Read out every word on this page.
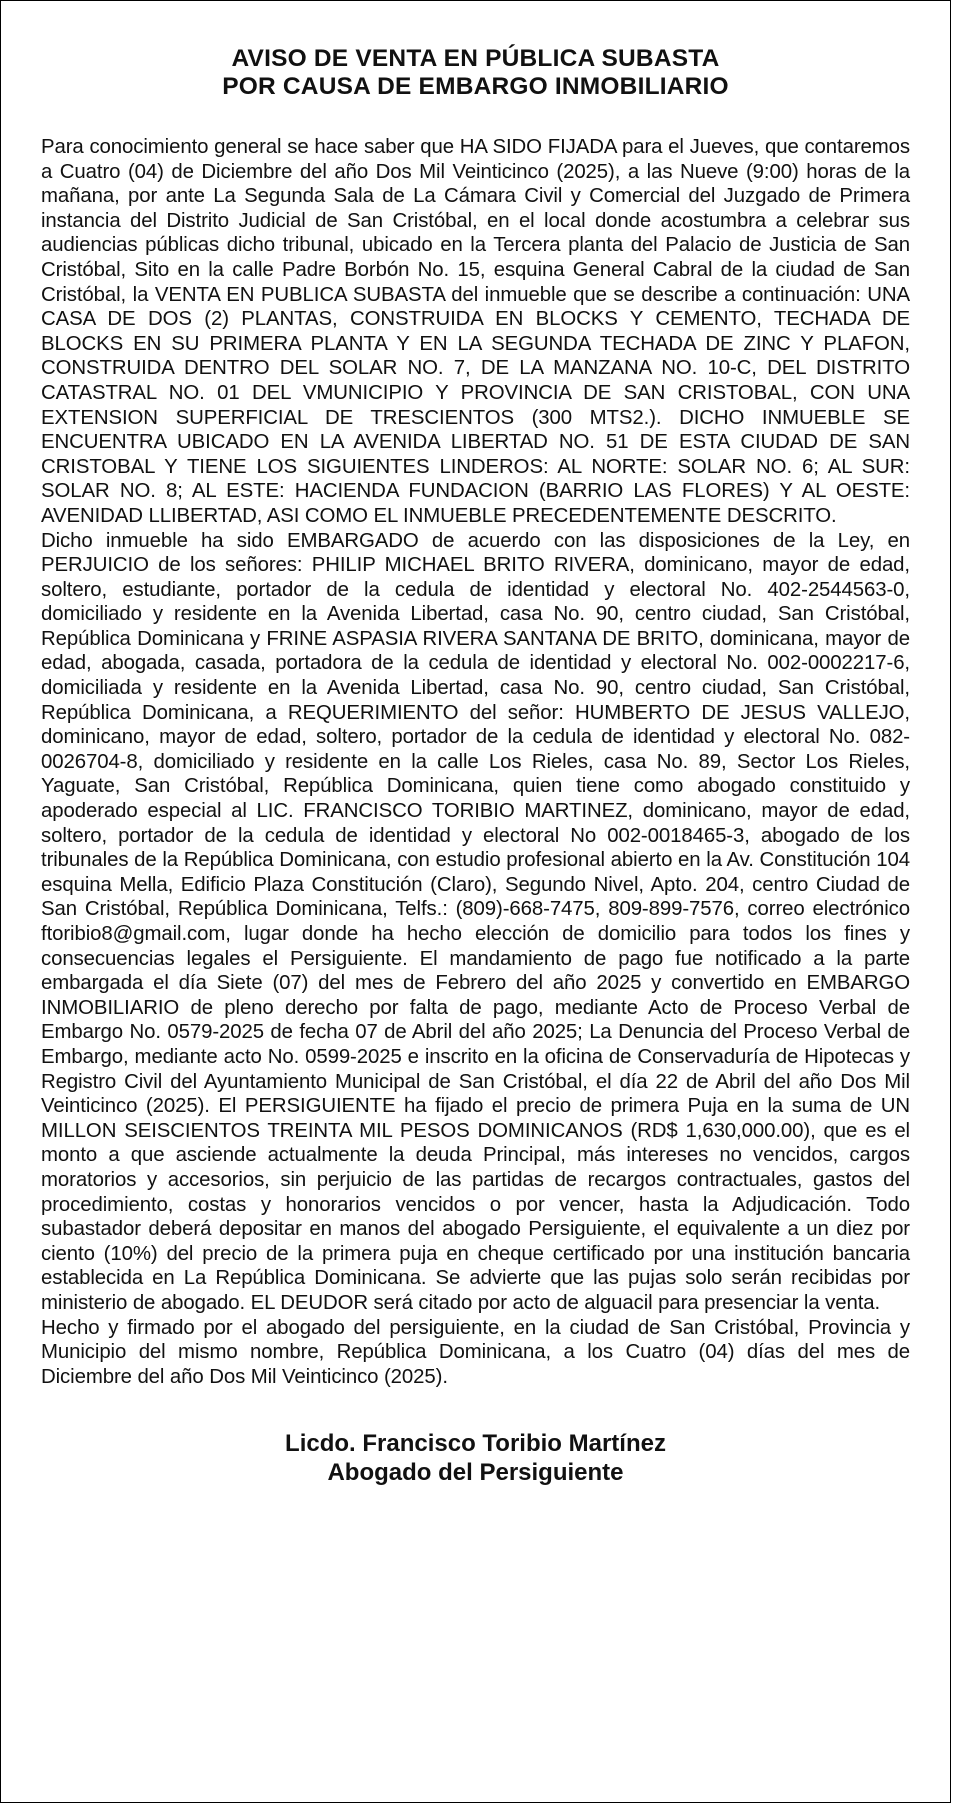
AVISO DE VENTA EN PÚBLICA SUBASTA
POR CAUSA DE EMBARGO INMOBILIARIO

Para conocimiento general se hace saber que HA SIDO FIJADA para el Jueves, que contaremos a Cuatro (04) de Diciembre del año Dos Mil Veinticinco (2025), a las Nueve (9:00) horas de la mañana, por ante La Segunda Sala de La Cámara Civil y Comercial del Juzgado de Primera instancia del Distrito Judicial de San Cristóbal, en el local donde acostumbra a celebrar sus audiencias públicas dicho tribunal, ubicado en la Tercera planta del Palacio de Justicia de San Cristóbal, Sito en la calle Padre Borbón No. 15, esquina General Cabral de la ciudad de San Cristóbal, la VENTA EN PUBLICA SUBASTA del inmueble que se describe a continuación: UNA CASA DE DOS (2) PLANTAS, CONSTRUIDA EN BLOCKS Y CEMENTO, TECHADA DE BLOCKS EN SU PRIMERA PLANTA Y EN LA SEGUNDA TECHADA DE ZINC Y PLAFON, CONSTRUIDA DENTRO DEL SOLAR NO. 7, DE LA MANZANA NO. 10-C, DEL DISTRITO CATASTRAL NO. 01 DEL VMUNICIPIO Y PROVINCIA DE SAN CRISTOBAL, CON UNA EXTENSION SUPERFICIAL DE TRESCIENTOS (300 MTS2.). DICHO INMUEBLE SE ENCUENTRA UBICADO EN LA AVENIDA LIBERTAD NO. 51 DE ESTA CIUDAD DE SAN CRISTOBAL Y TIENE LOS SIGUIENTES LINDEROS: AL NORTE: SOLAR NO. 6; AL SUR: SOLAR NO. 8; AL ESTE: HACIENDA FUNDACION (BARRIO LAS FLORES) Y AL OESTE: AVENIDAD LLIBERTAD, ASI COMO EL INMUEBLE PRECEDENTEMENTE DESCRITO.

Dicho inmueble ha sido EMBARGADO de acuerdo con las disposiciones de la Ley, en PERJUICIO de los señores: PHILIP MICHAEL BRITO RIVERA, dominicano, mayor de edad, soltero, estudiante, portador de la cedula de identidad y electoral No. 402-2544563-0, domiciliado y residente en la Avenida Libertad, casa No. 90, centro ciudad, San Cristóbal, República Dominicana y FRINE ASPASIA RIVERA SANTANA DE BRITO, dominicana, mayor de edad, abogada, casada, portadora de la cedula de identidad y electoral No. 002-0002217-6, domiciliada y residente en la Avenida Libertad, casa No. 90, centro ciudad, San Cristóbal, República Dominicana, a REQUERIMIENTO del señor: HUMBERTO DE JESUS VALLEJO, dominicano, mayor de edad, soltero, portador de la cedula de identidad y electoral No. 082-0026704-8, domiciliado y residente en la calle Los Rieles, casa No. 89, Sector Los Rieles, Yaguate, San Cristóbal, República Dominicana, quien tiene como abogado constituido y apoderado especial al LIC. FRANCISCO TORIBIO MARTINEZ, dominicano, mayor de edad, soltero, portador de la cedula de identidad y electoral No 002-0018465-3, abogado de los tribunales de la República Dominicana, con estudio profesional abierto en la Av. Constitución 104 esquina Mella, Edificio Plaza Constitución (Claro), Segundo Nivel, Apto. 204, centro Ciudad de San Cristóbal, República Dominicana, Telfs.: (809)-668-7475, 809-899-7576, correo electrónico ftoribio8@gmail.com, lugar donde ha hecho elección de domicilio para todos los fines y consecuencias legales el Persiguiente. El mandamiento de pago fue notificado a la parte embargada el día Siete (07) del mes de Febrero del año 2025 y convertido en EMBARGO INMOBILIARIO de pleno derecho por falta de pago, mediante Acto de Proceso Verbal de Embargo No. 0579-2025 de fecha 07 de Abril del año 2025; La Denuncia del Proceso Verbal de Embargo, mediante acto No. 0599-2025 e inscrito en la oficina de Conservaduría de Hipotecas y Registro Civil del Ayuntamiento Municipal de San Cristóbal, el día 22 de Abril del año Dos Mil Veinticinco (2025). El PERSIGUIENTE ha fijado el precio de primera Puja en la suma de UN MILLON SEISCIENTOS TREINTA MIL PESOS DOMINICANOS (RD$ 1,630,000.00), que es el monto a que asciende actualmente la deuda Principal, más intereses no vencidos, cargos moratorios y accesorios, sin perjuicio de las partidas de recargos contractuales, gastos del procedimiento, costas y honorarios vencidos o por vencer, hasta la Adjudicación. Todo subastador deberá depositar en manos del abogado Persiguiente, el equivalente a un diez por ciento (10%) del precio de la primera puja en cheque certificado por una institución bancaria establecida en La República Dominicana. Se advierte que las pujas solo serán recibidas por ministerio de abogado. EL DEUDOR será citado por acto de alguacil para presenciar la venta.

Hecho y firmado por el abogado del persiguiente, en la ciudad de San Cristóbal, Provincia y Municipio del mismo nombre, República Dominicana, a los Cuatro (04) días del mes de Diciembre del año Dos Mil Veinticinco (2025).

Licdo. Francisco Toribio Martínez
Abogado del Persiguiente
